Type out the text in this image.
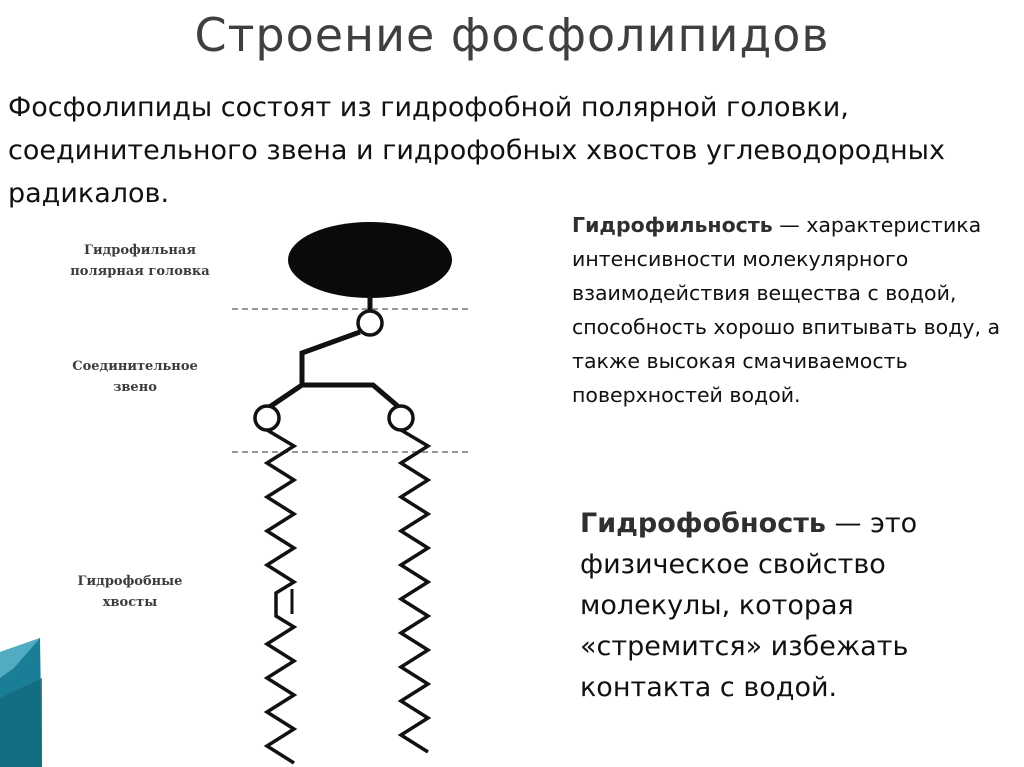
Строение фосфолипидов
Фосфолипиды состоят из гидрофобной полярной головки, соединительного звена и гидрофобных хвостов углеводородных радикалов.
Гидрофильная
полярная головка
Соединительное
звено
Гидрофобные
хвосты
Гидрофильность — характеристика интенсивности молекулярного взаимодействия вещества с водой, способность хорошо впитывать воду, а также высокая смачиваемость поверхностей водой.
Гидрофобность — это физическое свойство молекулы, которая «стремится» избежать контакта с водой.
